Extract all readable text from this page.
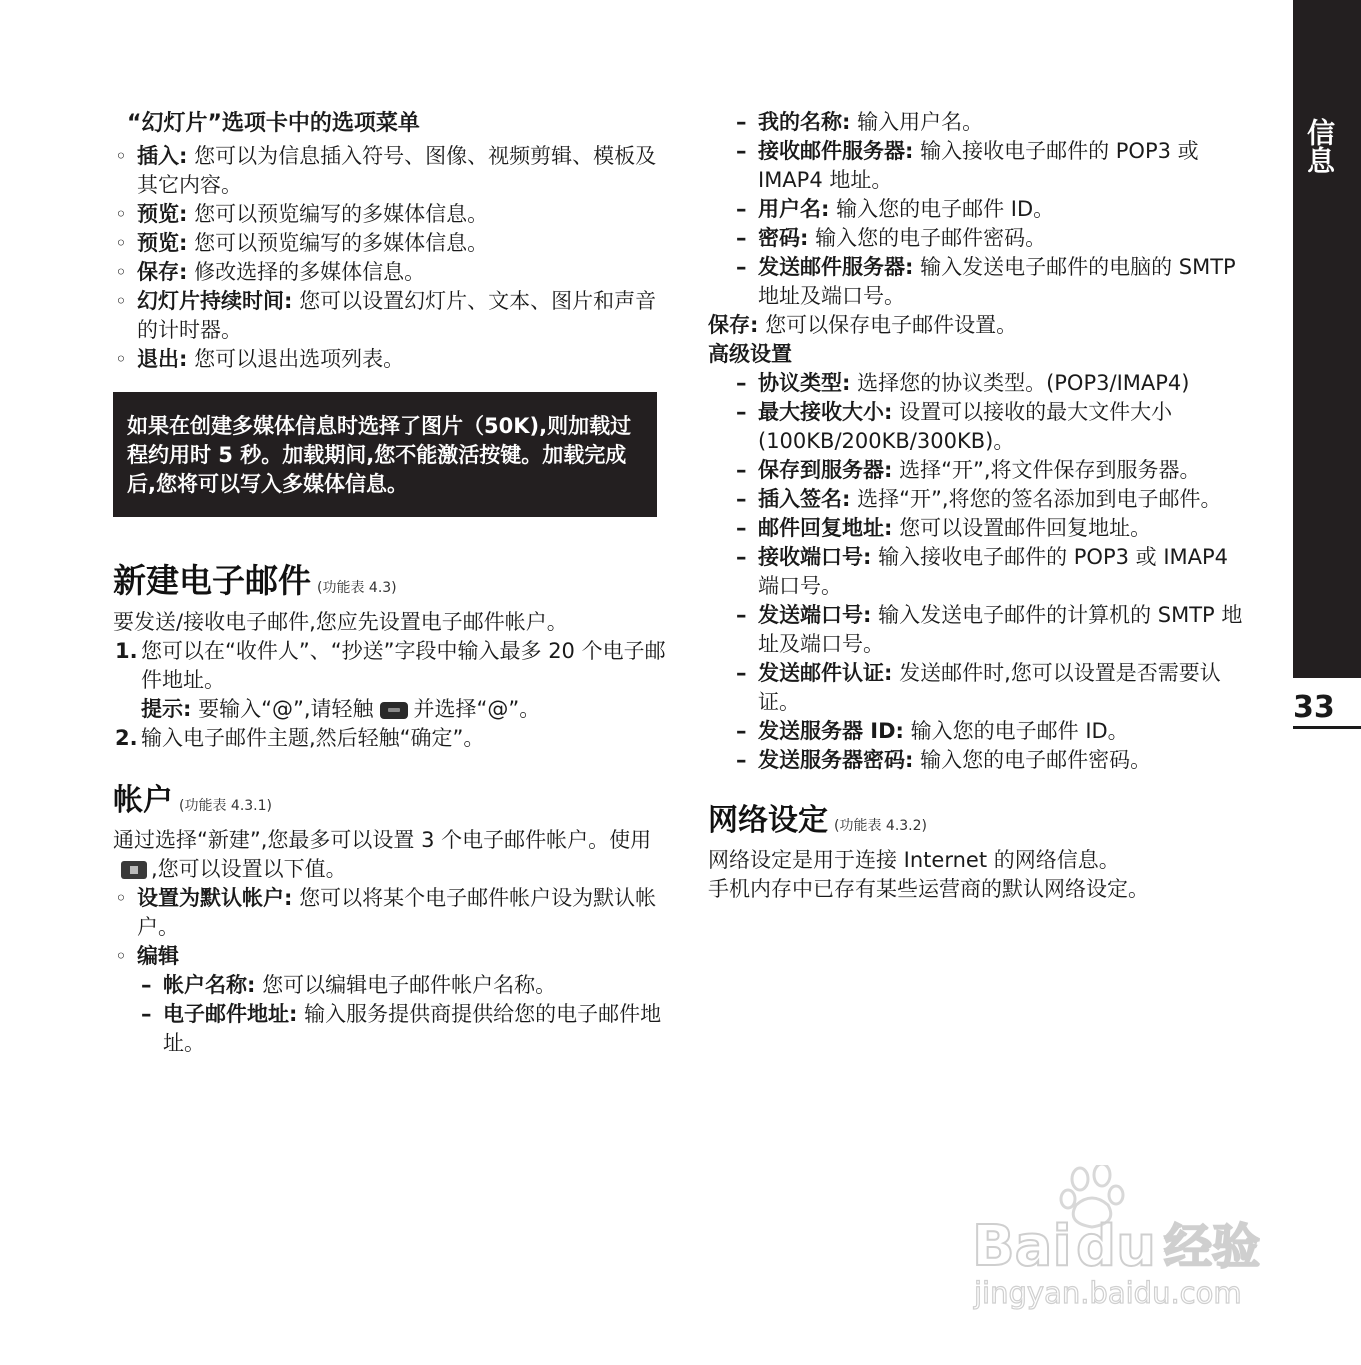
“幻灯片”选项卡中的选项菜单
◦ 插入: 您可以为信息插入符号、图像、视频剪辑、模板及其它内容。
◦ 预览: 您可以预览编写的多媒体信息。
◦ 预览: 您可以预览编写的多媒体信息。
◦ 保存: 修改选择的多媒体信息。
◦ 幻灯片持续时间: 您可以设置幻灯片、文本、图片和声音的计时器。
◦ 退出: 您可以退出选项列表。
如果在创建多媒体信息时选择了图片（50K),则加载过程约用时 5 秒。加载期间,您不能激活按键。加载完成后,您将可以写入多媒体信息。
新建电子邮件 (功能表 4.3)
要发送/接收电子邮件,您应先设置电子邮件帐户。
1. 您可以在“收件人”、“抄送”字段中输入最多 20 个电子邮件地址。
提示: 要输入“@”,请轻触 并选择“@”。
2. 输入电子邮件主题,然后轻触“确定”。
帐户 (功能表 4.3.1)
通过选择“新建”,您最多可以设置 3 个电子邮件帐户。使用,您可以设置以下值。
◦ 设置为默认帐户: 您可以将某个电子邮件帐户设为默认帐户。
◦ 编辑
– 帐户名称: 您可以编辑电子邮件帐户名称。
– 电子邮件地址: 输入服务提供商提供给您的电子邮件地址。
– 我的名称: 输入用户名。
– 接收邮件服务器: 输入接收电子邮件的 POP3 或 IMAP4 地址。
– 用户名: 输入您的电子邮件 ID。
– 密码: 输入您的电子邮件密码。
– 发送邮件服务器: 输入发送电子邮件的电脑的 SMTP 地址及端口号。
保存: 您可以保存电子邮件设置。
高级设置
– 协议类型: 选择您的协议类型。(POP3/IMAP4)
– 最大接收大小: 设置可以接收的最大文件大小(100KB/200KB/300KB)。
– 保存到服务器: 选择“开”,将文件保存到服务器。
– 插入签名: 选择“开”,将您的签名添加到电子邮件。
– 邮件回复地址: 您可以设置邮件回复地址。
– 接收端口号: 输入接收电子邮件的 POP3 或 IMAP4 端口号。
– 发送端口号: 输入发送电子邮件的计算机的 SMTP 地址及端口号。
– 发送邮件认证: 发送邮件时,您可以设置是否需要认证。
– 发送服务器 ID: 输入您的电子邮件 ID。
– 发送服务器密码: 输入您的电子邮件密码。
网络设定 (功能表 4.3.2)
网络设定是用于连接 Internet 的网络信息。
手机内存中已存有某些运营商的默认网络设定。
信息
33
Bai du 经验
jingyan.baidu.com
